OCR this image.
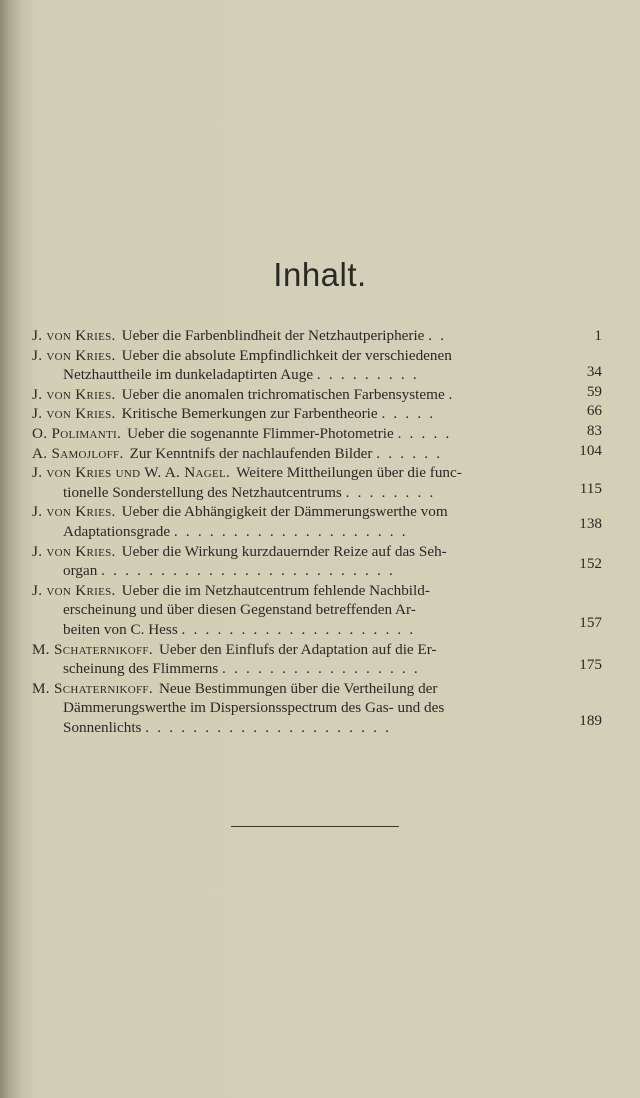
Inhalt.
J. von Kries. Ueber die Farbenblindheit der Netzhautperipherie . .	1
J. von Kries. Ueber die absolute Empfindlichkeit der verschiedenen
Netzhauttheile im dunkeladaptirten Auge . . . . . . . . .	34
J. von Kries. Ueber die anomalen trichromatischen Farbensysteme .	59
J. von Kries. Kritische Bemerkungen zur Farbentheorie . . . . .	66
O. Polimanti. Ueber die sogenannte Flimmer-Photometrie . . . . .	83
A. Samojloff. Zur Kenntnifs der nachlaufenden Bilder . . . . . .	104
J. von Kries und W. A. Nagel. Weitere Mittheilungen über die func-
tionelle Sonderstellung des Netzhautcentrums . . . . . . . .	115
J. von Kries. Ueber die Abhängigkeit der Dämmerungswerthe vom
Adaptationsgrade . . . . . . . . . . . . . . . . . . . .	138
J. von Kries. Ueber die Wirkung kurzdauernder Reize auf das Seh-
organ . . . . . . . . . . . . . . . . . . . . . . . . .	152
J. von Kries. Ueber die im Netzhautcentrum fehlende Nachbild-
erscheinung und über diesen Gegenstand betreffenden Ar-
beiten von C. Hess . . . . . . . . . . . . . . . . . . . .	157
M. Schaternikoff. Ueber den Einflufs der Adaptation auf die Er-
scheinung des Flimmerns . . . . . . . . . . . . . . . . .	175
M. Schaternikoff. Neue Bestimmungen über die Vertheilung der
Dämmerungswerthe im Dispersionsspectrum des Gas- und des
Sonnenlichts . . . . . . . . . . . . . . . . . . . . .	189
